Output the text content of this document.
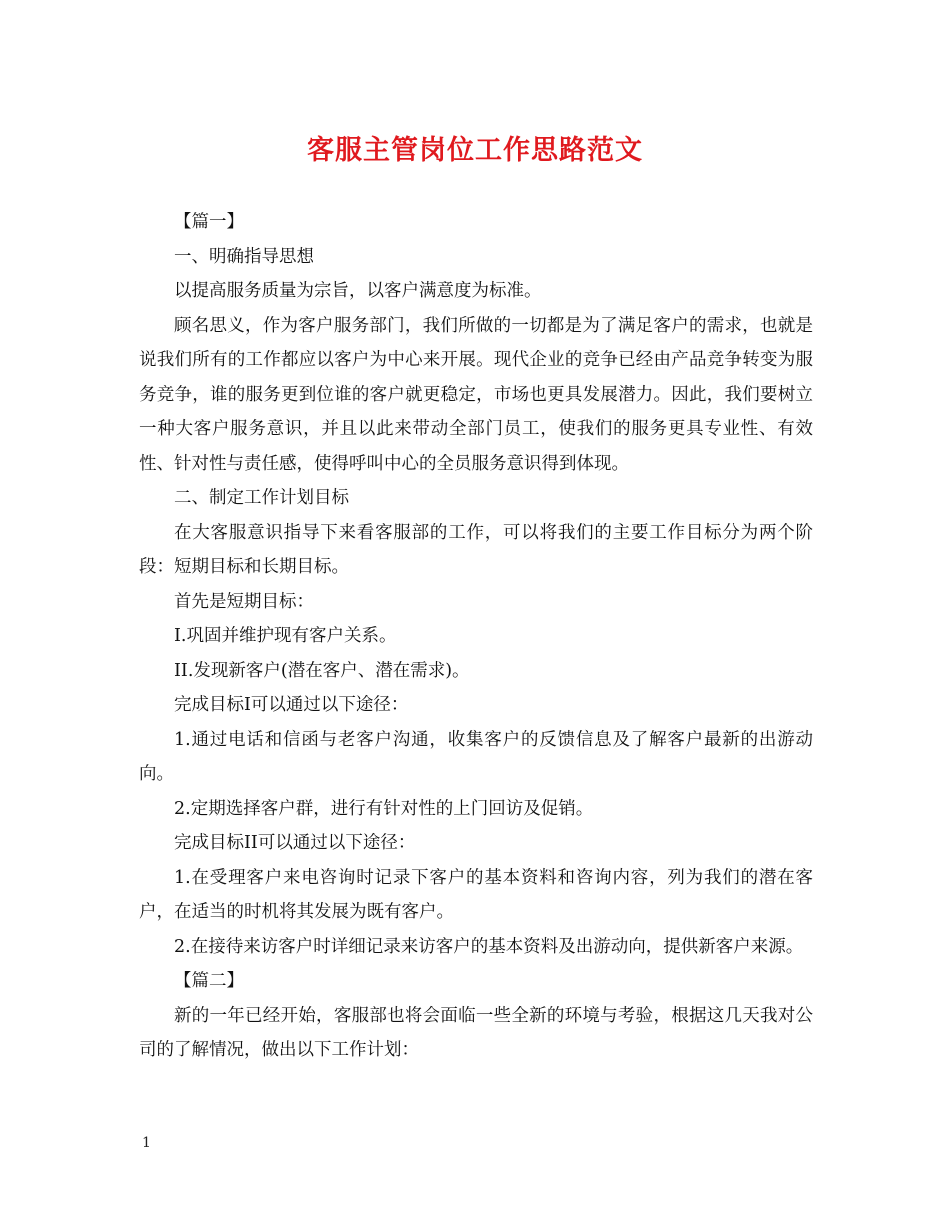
客服主管岗位工作思路范文

【篇一】

一、明确指导思想

以提高服务质量为宗旨，以客户满意度为标准。

顾名思义，作为客户服务部门，我们所做的一切都是为了满足客户的需求，也就是说我们所有的工作都应以客户为中心来开展。现代企业的竞争已经由产品竞争转变为服务竞争，谁的服务更到位谁的客户就更稳定，市场也更具发展潜力。因此，我们要树立一种大客户服务意识，并且以此来带动全部门员工，使我们的服务更具专业性、有效性、针对性与责任感，使得呼叫中心的全员服务意识得到体现。

二、制定工作计划目标

在大客服意识指导下来看客服部的工作，可以将我们的主要工作目标分为两个阶段：短期目标和长期目标。

首先是短期目标：

I.巩固并维护现有客户关系。

II.发现新客户(潜在客户、潜在需求)。

完成目标I可以通过以下途径：

1.通过电话和信函与老客户沟通，收集客户的反馈信息及了解客户最新的出游动向。

2.定期选择客户群，进行有针对性的上门回访及促销。

完成目标II可以通过以下途径：

1.在受理客户来电咨询时记录下客户的基本资料和咨询内容，列为我们的潜在客户，在适当的时机将其发展为既有客户。

2.在接待来访客户时详细记录来访客户的基本资料及出游动向，提供新客户来源。

【篇二】

新的一年已经开始，客服部也将会面临一些全新的环境与考验，根据这几天我对公司的了解情况，做出以下工作计划：

1
